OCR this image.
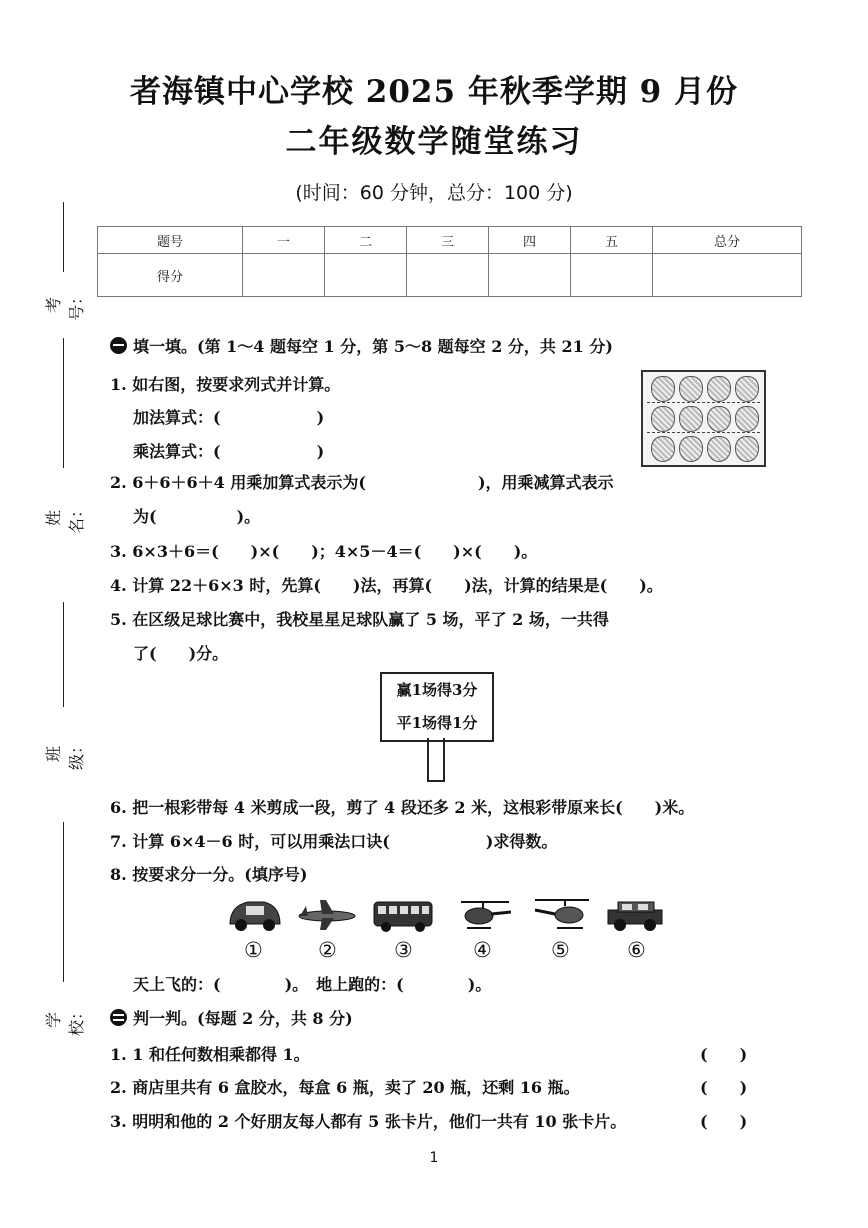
者海镇中心学校 2025 年秋季学期 9 月份
二年级数学随堂练习
(时间：60 分钟，总分：100 分)
题号	一	二	三	四	五	总分
得分						
考号：
姓名：
班级：
学校：
填一填。(第 1～4 题每空 1 分，第 5～8 题每空 2 分，共 21 分)
1. 如右图，按要求列式并计算。
加法算式：(　　　　　　)
乘法算式：(　　　　　　)
2. 6＋6＋6＋4 用乘加算式表示为(　　　　　　　)，用乘减算式表示
为(　　　　　)。
3. 6×3＋6＝(　　)×(　　)；4×5－4＝(　　)×(　　)。
4. 计算 22＋6×3 时，先算(　　)法，再算(　　)法，计算的结果是(　　)。
5. 在区级足球比赛中，我校星星足球队赢了 5 场，平了 2 场，一共得
了(　　)分。
赢1场得3分
平1场得1分
6. 把一根彩带每 4 米剪成一段，剪了 4 段还多 2 米，这根彩带原来长(　　)米。
7. 计算 6×4－6 时，可以用乘法口诀(　　　　　　)求得数。
8. 按要求分一分。(填序号)
①	②	③	④	⑤	⑥
天上飞的：(　　　　)。　地上跑的：(　　　　)。
判一判。(每题 2 分，共 8 分)
1. 1 和任何数相乘都得 1。	(　　)
2. 商店里共有 6 盒胶水，每盒 6 瓶，卖了 20 瓶，还剩 16 瓶。	(　　)
3. 明明和他的 2 个好朋友每人都有 5 张卡片，他们一共有 10 张卡片。	(　　)
1
